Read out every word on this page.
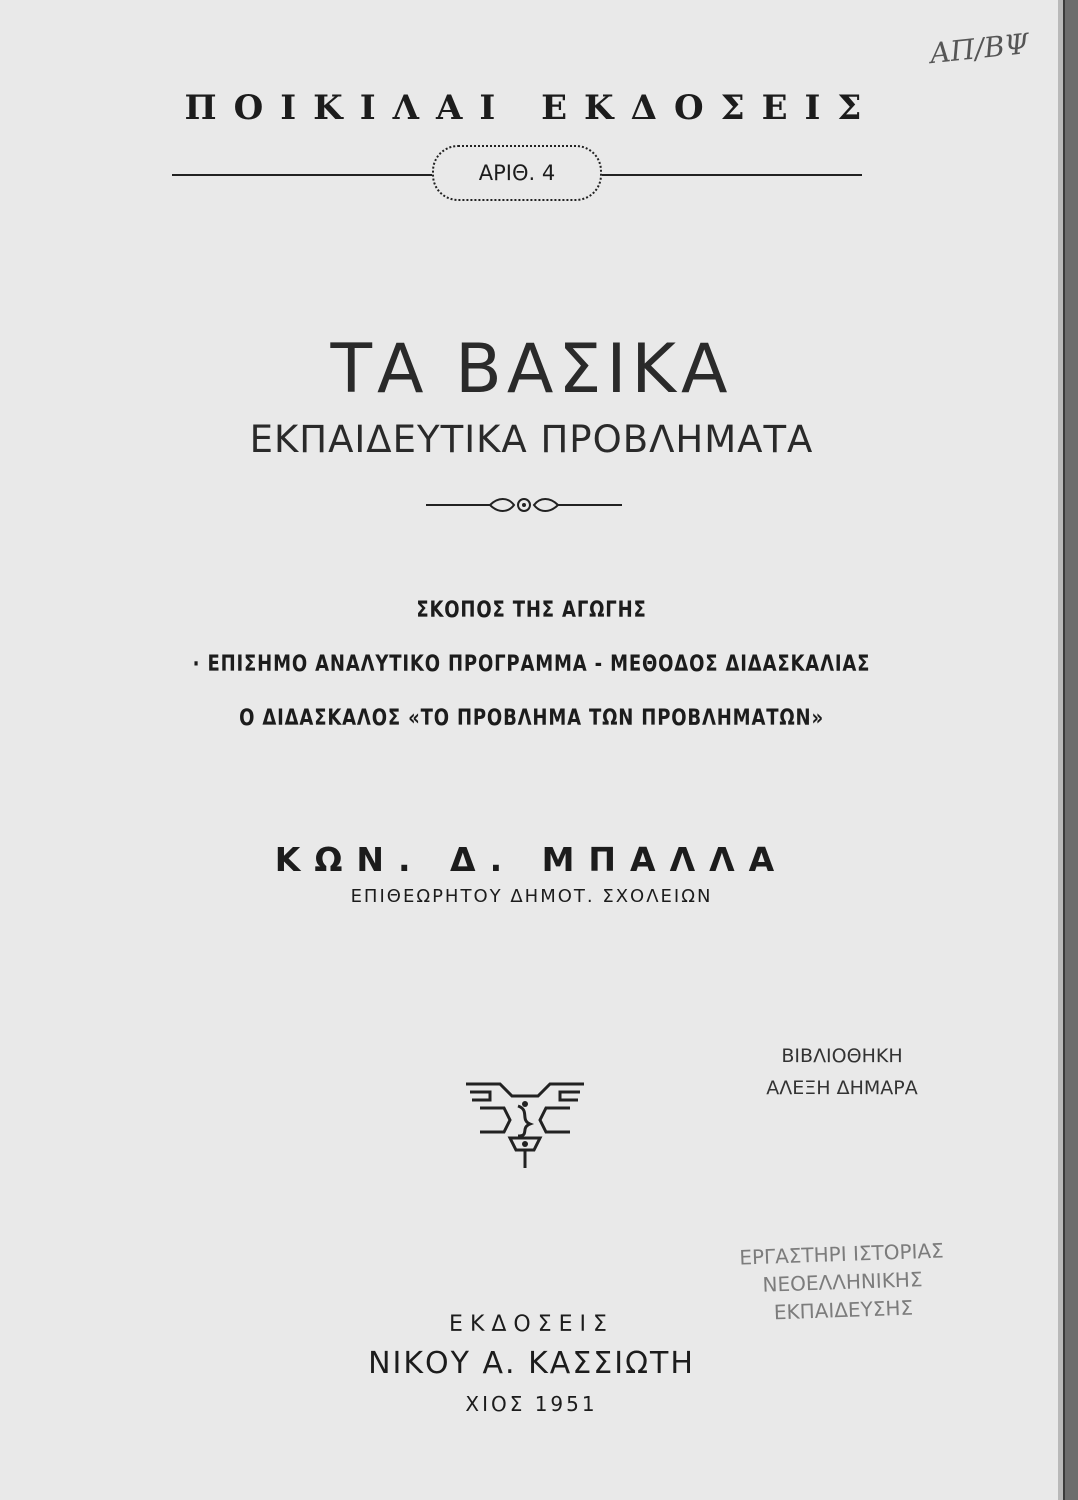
ΑΠ/ΒΨ
ΠΟΙΚΙΛΑΙ ΕΚΔΟΣΕΙΣ
ΑΡΙΘ. 4
ΤΑ ΒΑΣΙΚΑ
ΕΚΠΑΙΔΕΥΤΙΚΑ ΠΡΟΒΛΗΜΑΤΑ
ΣΚΟΠΟΣ ΤΗΣ ΑΓΩΓΗΣ
· ΕΠΙΣΗΜΟ ΑΝΑΛΥΤΙΚΟ ΠΡΟΓΡΑΜΜΑ - ΜΕΘΟΔΟΣ ΔΙΔΑΣΚΑΛΙΑΣ
Ο ΔΙΔΑΣΚΑΛΟΣ «ΤΟ ΠΡΟΒΛΗΜΑ ΤΩΝ ΠΡΟΒΛΗΜΑΤΩΝ»
ΚΩΝ. Δ. ΜΠΑΛΛΑ
ΕΠΙΘΕΩΡΗΤΟΥ ΔΗΜΟΤ. ΣΧΟΛΕΙΩΝ
ΒΙΒΛΙΟΘΗΚΗ
ΑΛΕΞΗ ΔΗΜΑΡΑ
ΕΡΓΑΣΤΗΡΙ ΙΣΤΟΡΙΑΣ
ΝΕΟΕΛΛΗΝΙΚΗΣ
ΕΚΠΑΙΔΕΥΣΗΣ
ΕΚΔΟΣΕΙΣ
ΝΙΚΟΥ Α. ΚΑΣΣΙΩΤΗ
ΧΙΟΣ 1951
